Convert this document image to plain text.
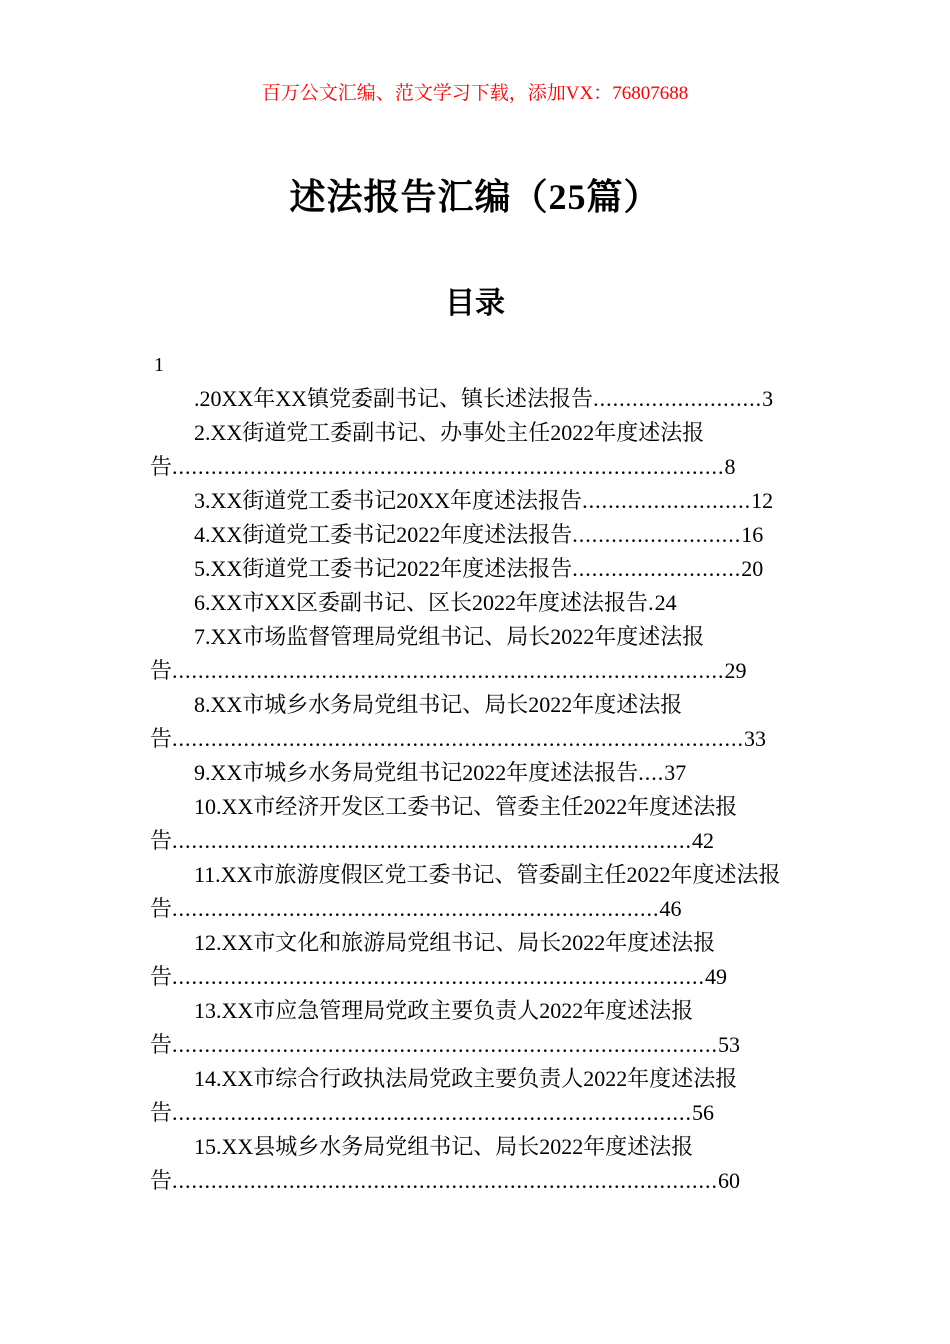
百万公文汇编、范文学习下载，添加VX：76807688
述法报告汇编（25篇）
目录
1

.20XX年XX镇党委副书记、镇长述法报告..........................3

2.XX街道党工委副书记、办事处主任2022年度述法报告.....................................................................................8

3.XX街道党工委书记20XX年度述法报告..........................12

4.XX街道党工委书记2022年度述法报告..........................16

5.XX街道党工委书记2022年度述法报告..........................20

6.XX市XX区委副书记、区长2022年度述法报告.24

7.XX市场监督管理局党组书记、局长2022年度述法报告.....................................................................................29

8.XX市城乡水务局党组书记、局长2022年度述法报告........................................................................................33

9.XX市城乡水务局党组书记2022年度述法报告....37

10.XX市经济开发区工委书记、管委主任2022年度述法报告................................................................................42

11.XX市旅游度假区党工委书记、管委副主任2022年度述法报告...........................................................................46

12.XX市文化和旅游局党组书记、局长2022年度述法报告..................................................................................49

13.XX市应急管理局党政主要负责人2022年度述法报告....................................................................................53

14.XX市综合行政执法局党政主要负责人2022年度述法报告................................................................................56

15.XX县城乡水务局党组书记、局长2022年度述法报告....................................................................................60
